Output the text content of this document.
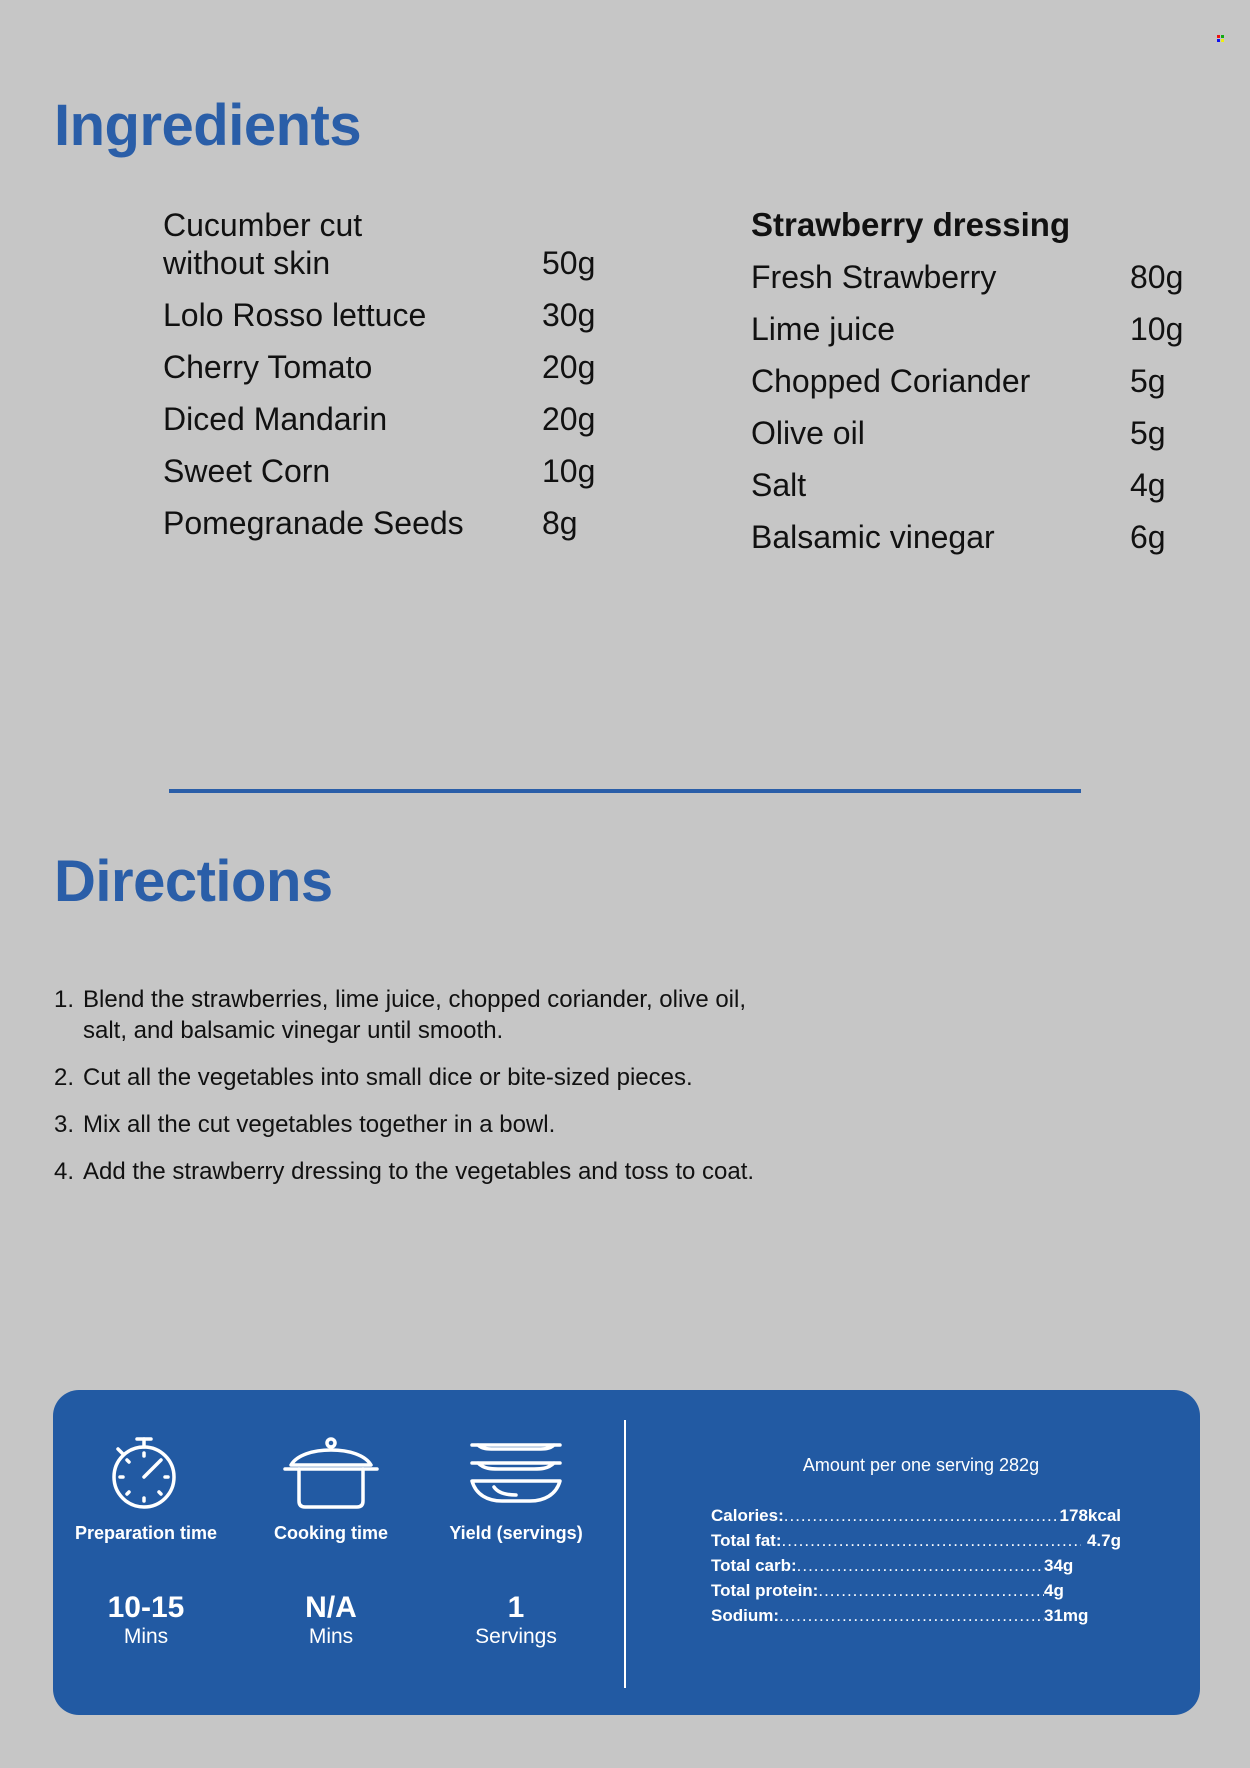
Ingredients
Cucumber cut without skin	50g
Lolo Rosso lettuce	30g
Cherry Tomato	20g
Diced Mandarin	20g
Sweet Corn	10g
Pomegranade Seeds	8g
Strawberry dressing
Fresh Strawberry	80g
Lime juice	10g
Chopped Coriander	5g
Olive oil	5g
Salt	4g
Balsamic vinegar	6g
Directions
1. Blend the strawberries, lime juice, chopped coriander, olive oil, salt, and balsamic vinegar until smooth.
2. Cut all the vegetables into small dice or bite-sized pieces.
3. Mix all the cut vegetables together in a bowl.
4. Add the strawberry dressing to the vegetables and toss to coat.
Preparation time
10-15
Mins
Cooking time
N/A
Mins
Yield (servings)
1
Servings
Amount per one serving 282g
Calories: .....	178kcal
Total fat: .....	4.7g
Total carb: .....	34g
Total protein: .....	4g
Sodium: .....	31mg
